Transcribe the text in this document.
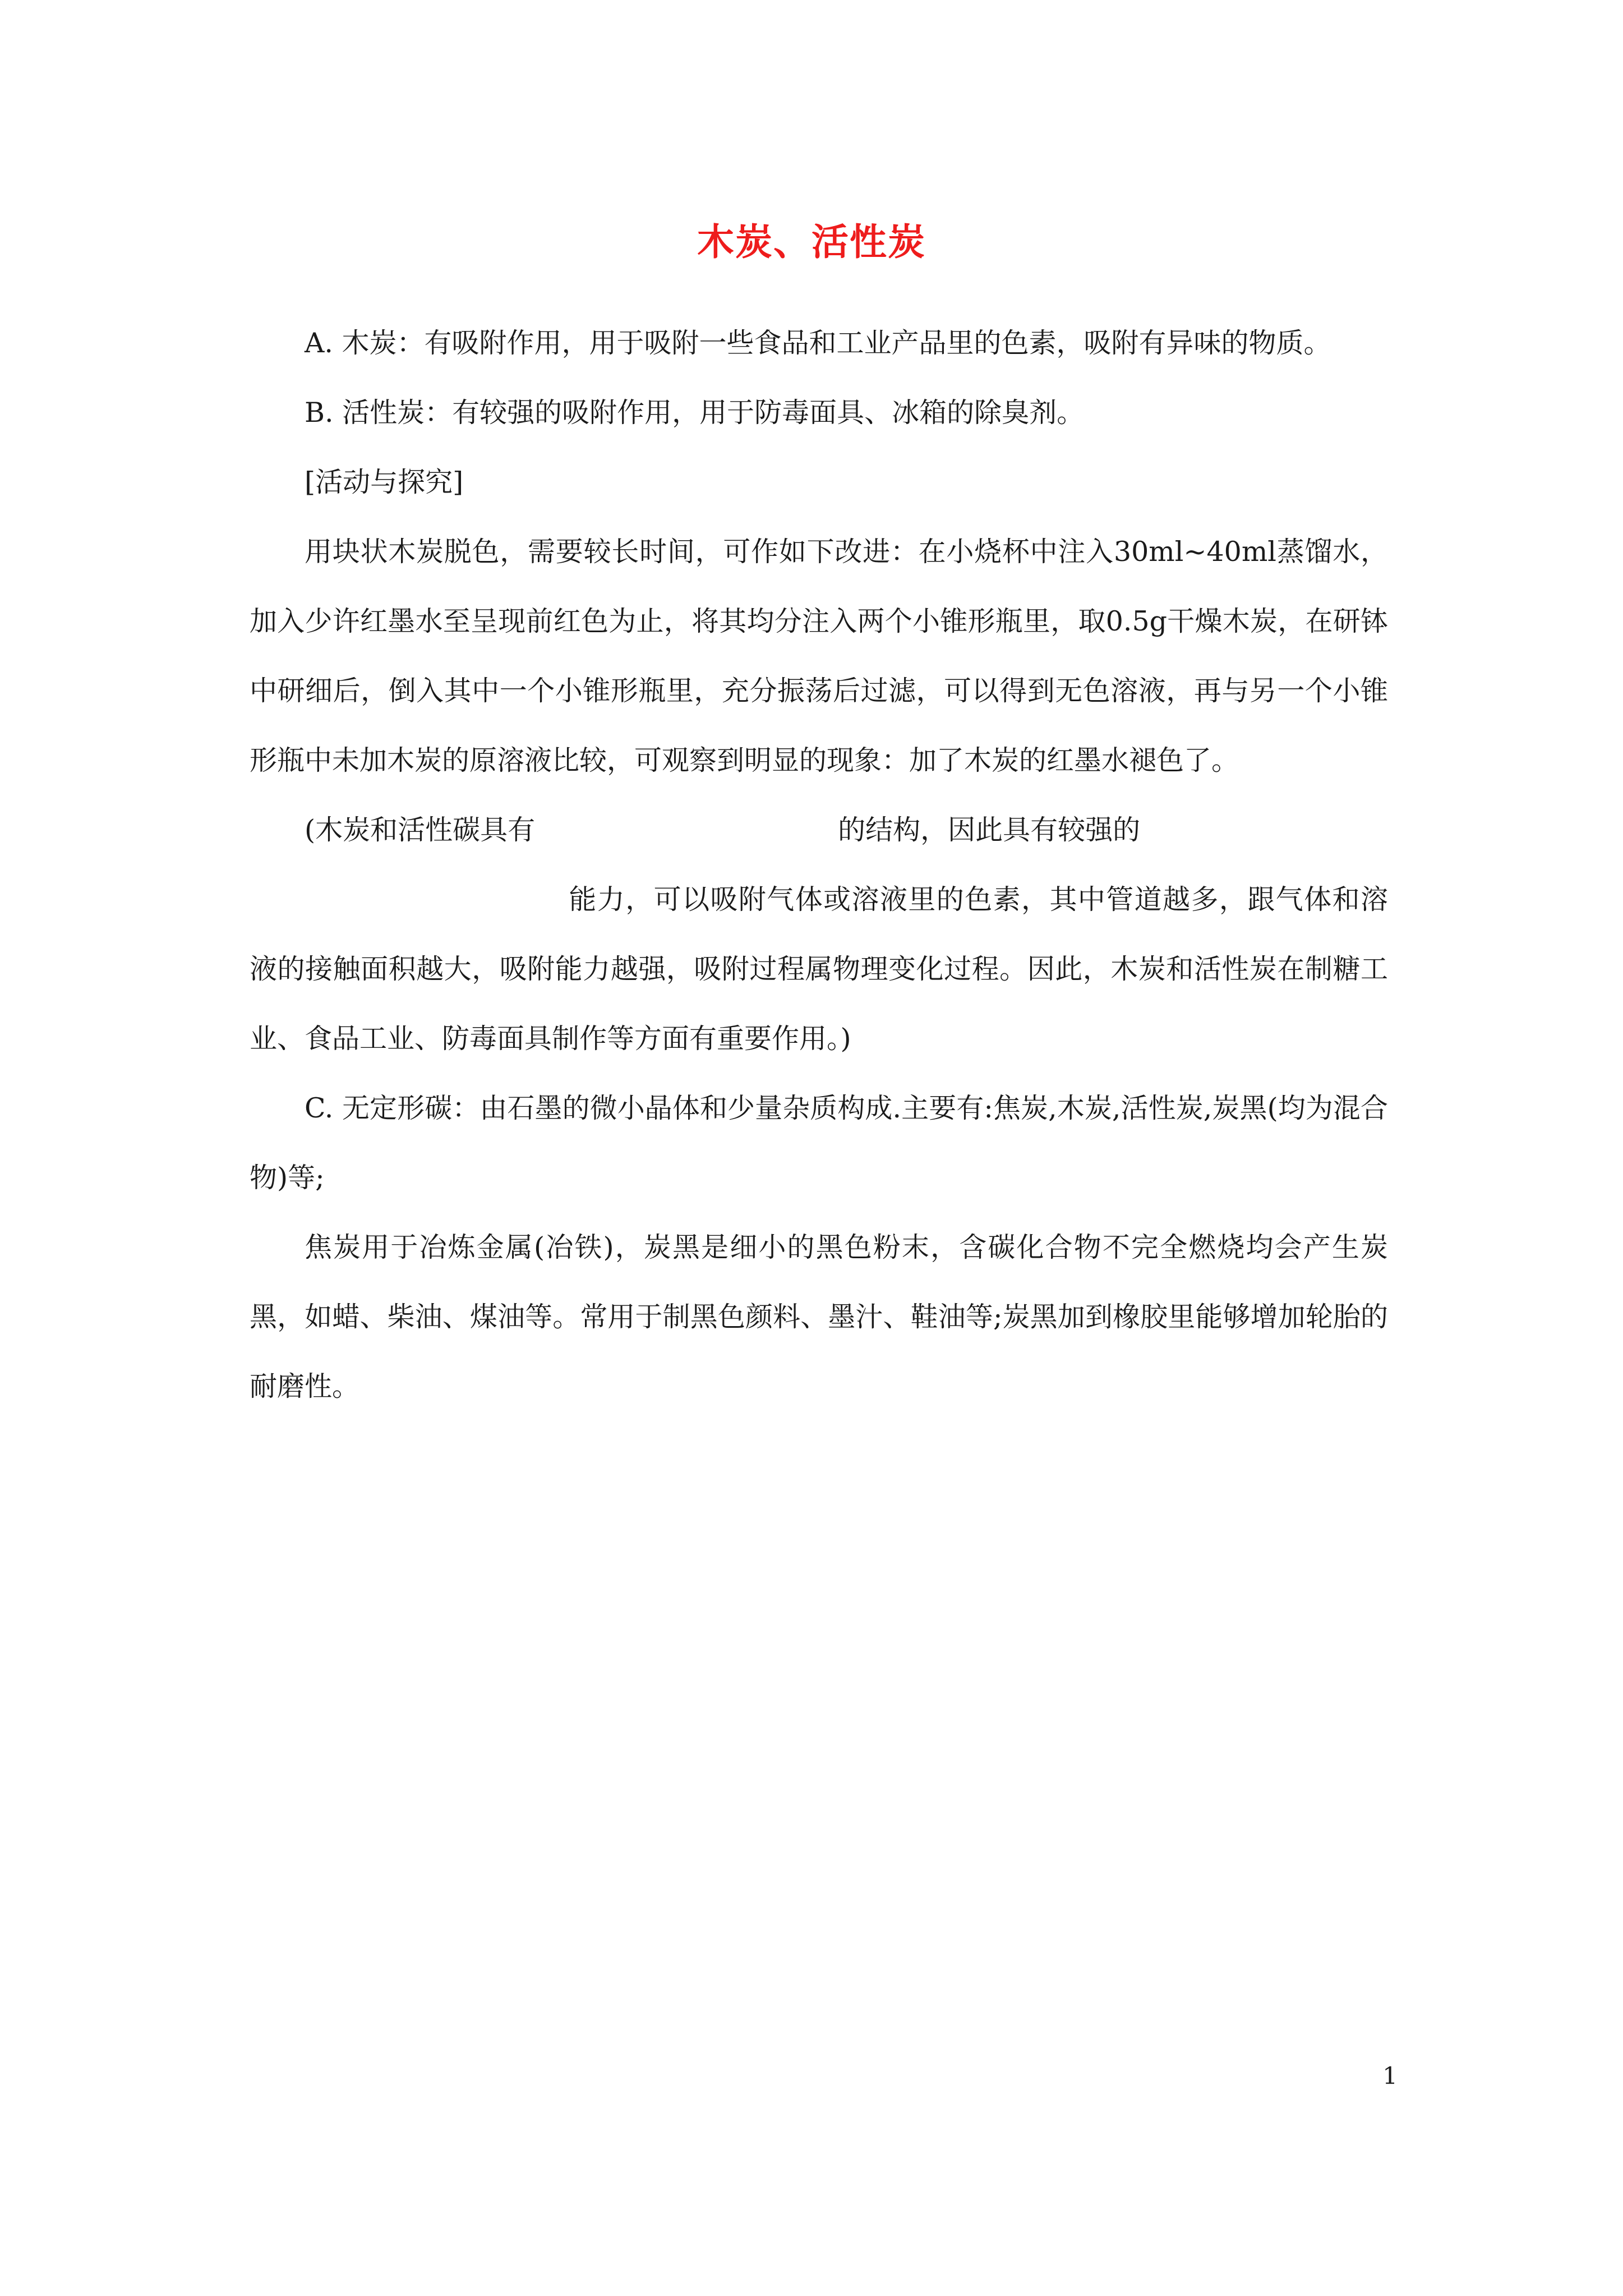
木炭、活性炭

A. 木炭：有吸附作用，用于吸附一些食品和工业产品里的色素，吸附有异味的物质。

B. 活性炭：有较强的吸附作用，用于防毒面具、冰箱的除臭剂。

[活动与探究]

用块状木炭脱色，需要较长时间，可作如下改进：在小烧杯中注入30ml~40ml蒸馏水，加入少许红墨水至呈现前红色为止，将其均分注入两个小锥形瓶里，取0.5g干燥木炭，在研钵中研细后，倒入其中一个小锥形瓶里，充分振荡后过滤，可以得到无色溶液，再与另一个小锥形瓶中未加木炭的原溶液比较，可观察到明显的现象：加了木炭的红墨水褪色了。

(木炭和活性碳具有	的结构，因此具有较强的
能力，可以吸附气体或溶液里的色素，其中管道越多，跟气体和溶液的接触面积越大，吸附能力越强，吸附过程属物理变化过程。因此，木炭和活性炭在制糖工业、食品工业、防毒面具制作等方面有重要作用。)

C. 无定形碳：由石墨的微小晶体和少量杂质构成.主要有:焦炭,木炭,活性炭,炭黑(均为混合物)等;

焦炭用于冶炼金属(冶铁)，炭黑是细小的黑色粉末，含碳化合物不完全燃烧均会产生炭黑，如蜡、柴油、煤油等。常用于制黑色颜料、墨汁、鞋油等;炭黑加到橡胶里能够增加轮胎的耐磨性。

1
